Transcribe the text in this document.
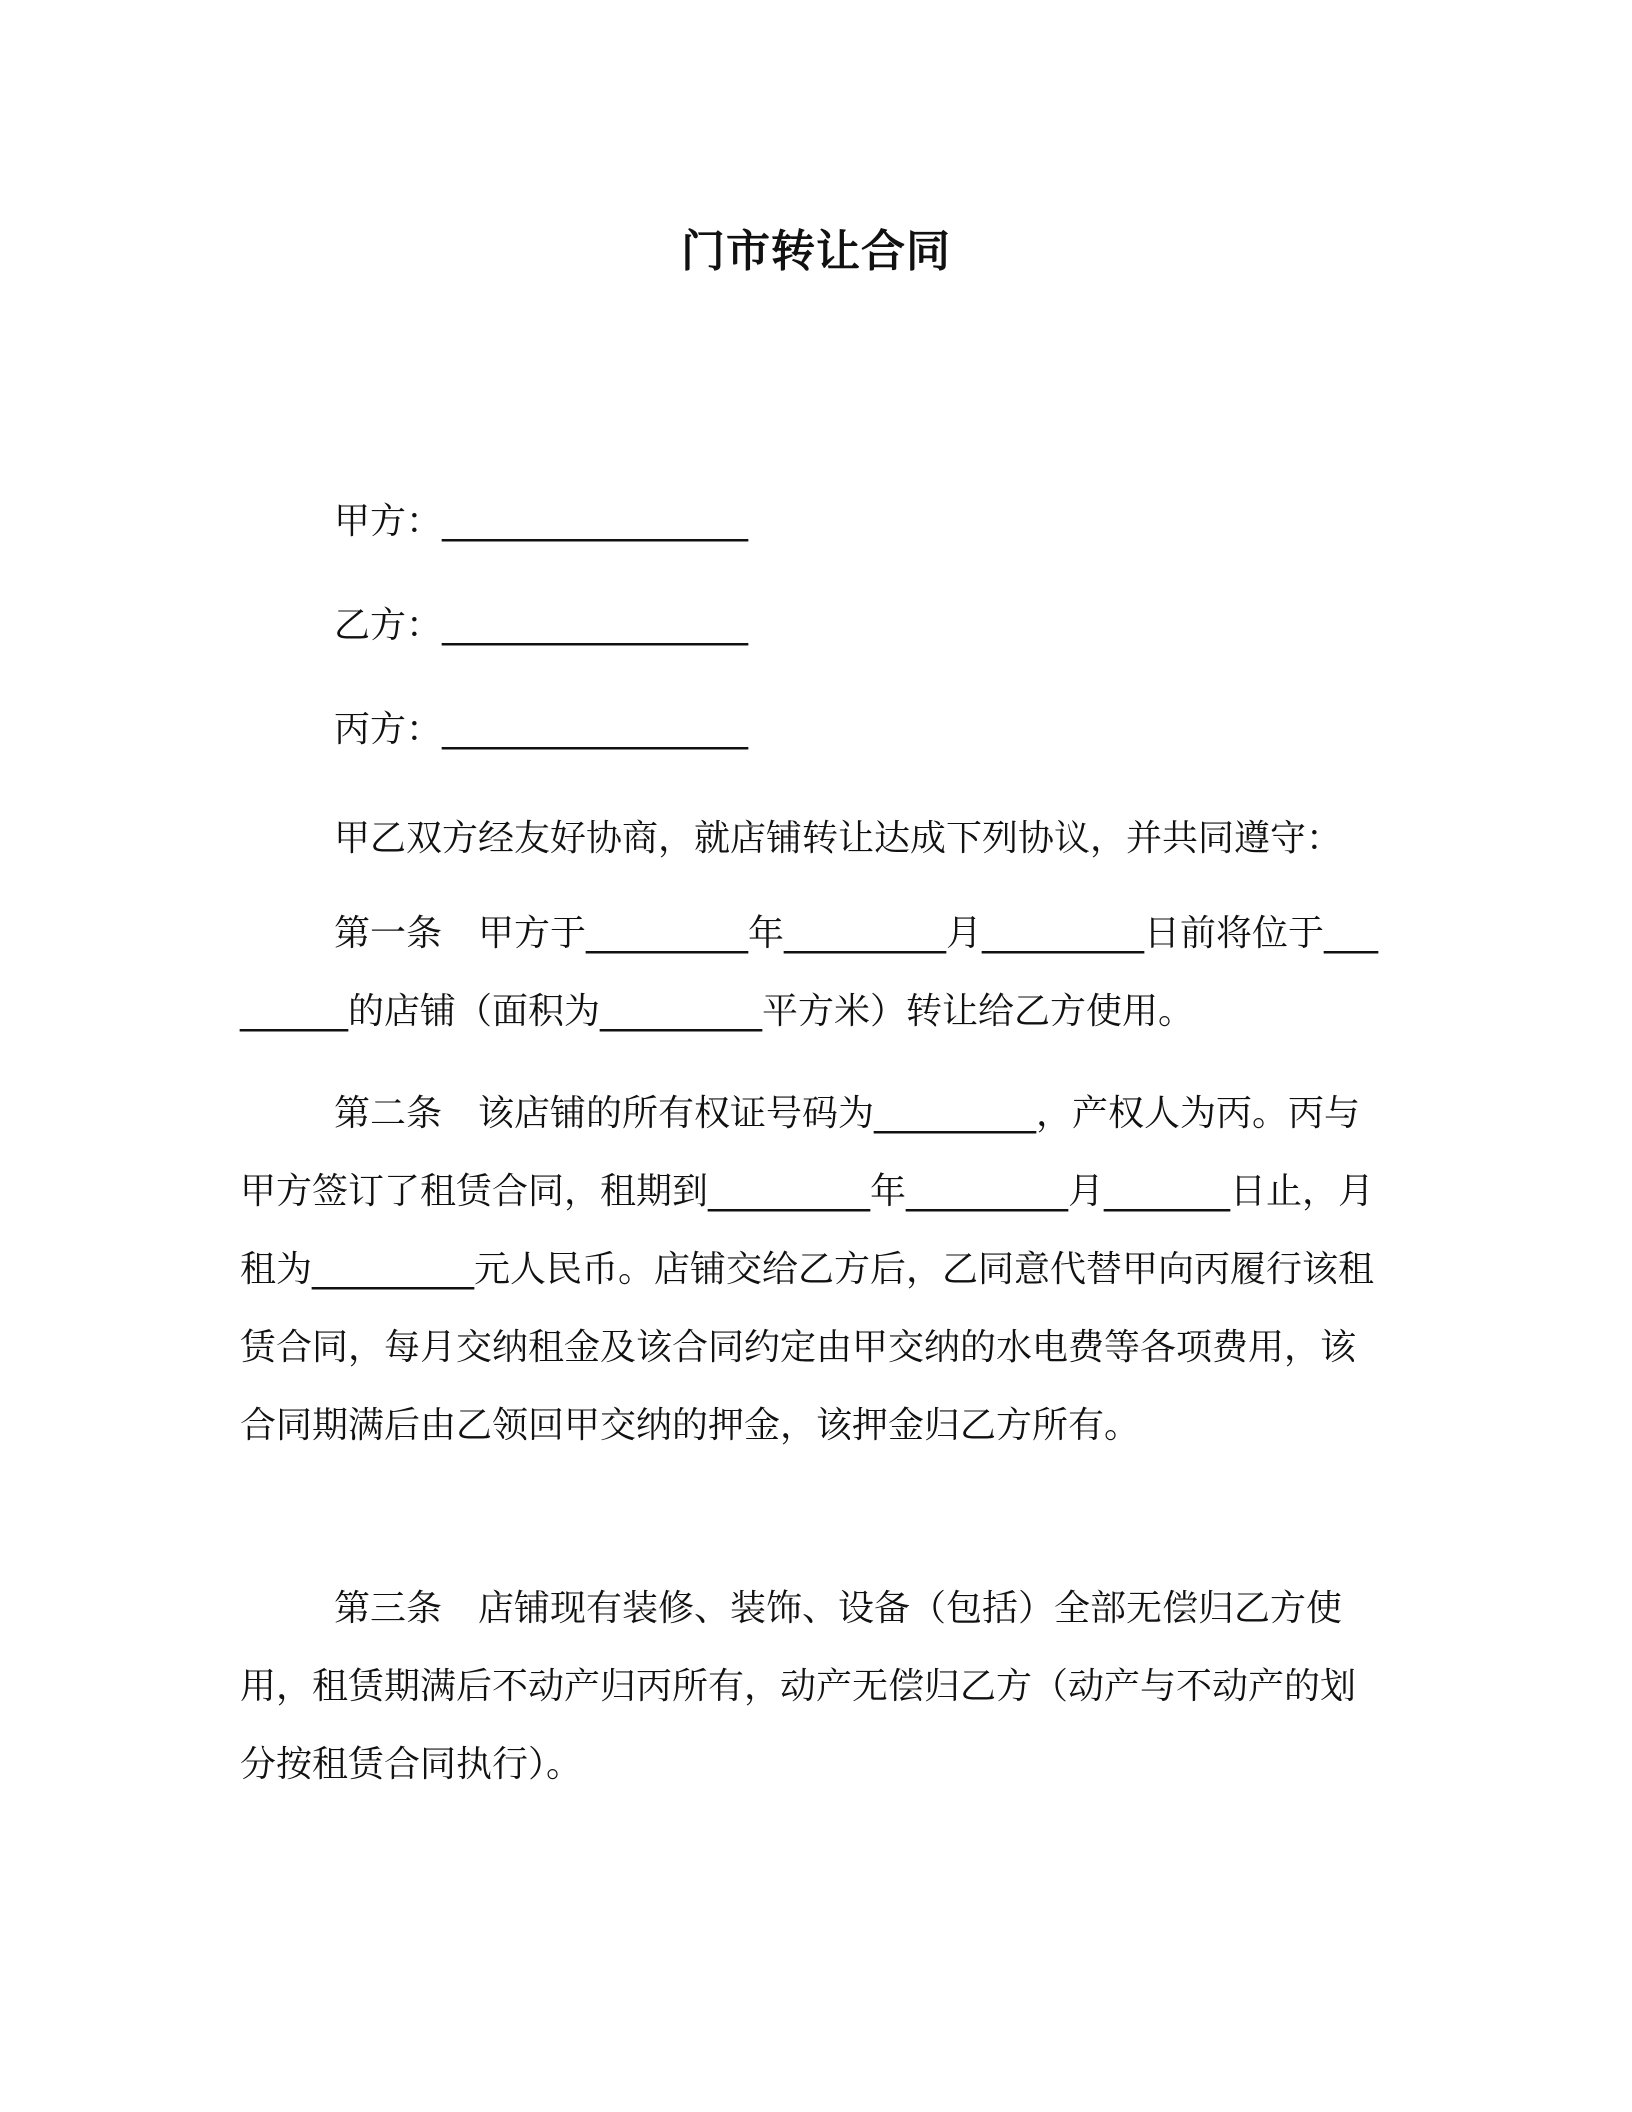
门市转让合同
甲方：_________________
乙方：_________________
丙方：_________________

甲乙双方经友好协商，就店铺转让达成下列协议，并共同遵守：

第一条　甲方于_________年_________月_________日前将位于_________的店铺（面积为_________平方米）转让给乙方使用。

第二条　该店铺的所有权证号码为_________，产权人为丙。丙与甲方签订了租赁合同，租期到_________年_________月_______日止，月租为_________元人民币。店铺交给乙方后，乙同意代替甲向丙履行该租赁合同，每月交纳租金及该合同约定由甲交纳的水电费等各项费用，该合同期满后由乙领回甲交纳的押金，该押金归乙方所有。

第三条　店铺现有装修、装饰、设备（包括）全部无偿归乙方使用，租赁期满后不动产归丙所有，动产无偿归乙方（动产与不动产的划分按租赁合同执行）。
